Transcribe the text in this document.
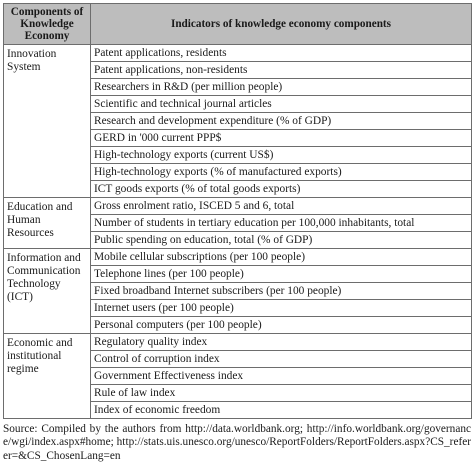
Components of Knowledge Economy	Indicators of knowledge economy components
Innovation System	Patent applications, residents
	Patent applications, non-residents
	Researchers in R&D (per million people)
	Scientific and technical journal articles
	Research and development expenditure (% of GDP)
	GERD in '000 current PPP$
	High-technology exports (current US$)
	High-technology exports (% of manufactured exports)
	ICT goods exports (% of total goods exports)
Education and Human Resources	Gross enrolment ratio, ISCED 5 and 6, total
	Number of students in tertiary education per 100,000 inhabitants, total
	Public spending on education, total (% of GDP)
Information and Communication Technology (ICT)	Mobile cellular subscriptions (per 100 people)
	Telephone lines (per 100 people)
	Fixed broadband Internet subscribers (per 100 people)
	Internet users (per 100 people)
	Personal computers (per 100 people)
Economic and institutional regime	Regulatory quality index
	Control of corruption index
	Government Effectiveness index
	Rule of law index
	Index of economic freedom
Source: Compiled by the authors from http://data.worldbank.org; http://info.worldbank.org/governance/wgi/index.aspx#home; http://stats.uis.unesco.org/unesco/ReportFolders/ReportFolders.aspx?CS_referer=&CS_ChosenLang=en
